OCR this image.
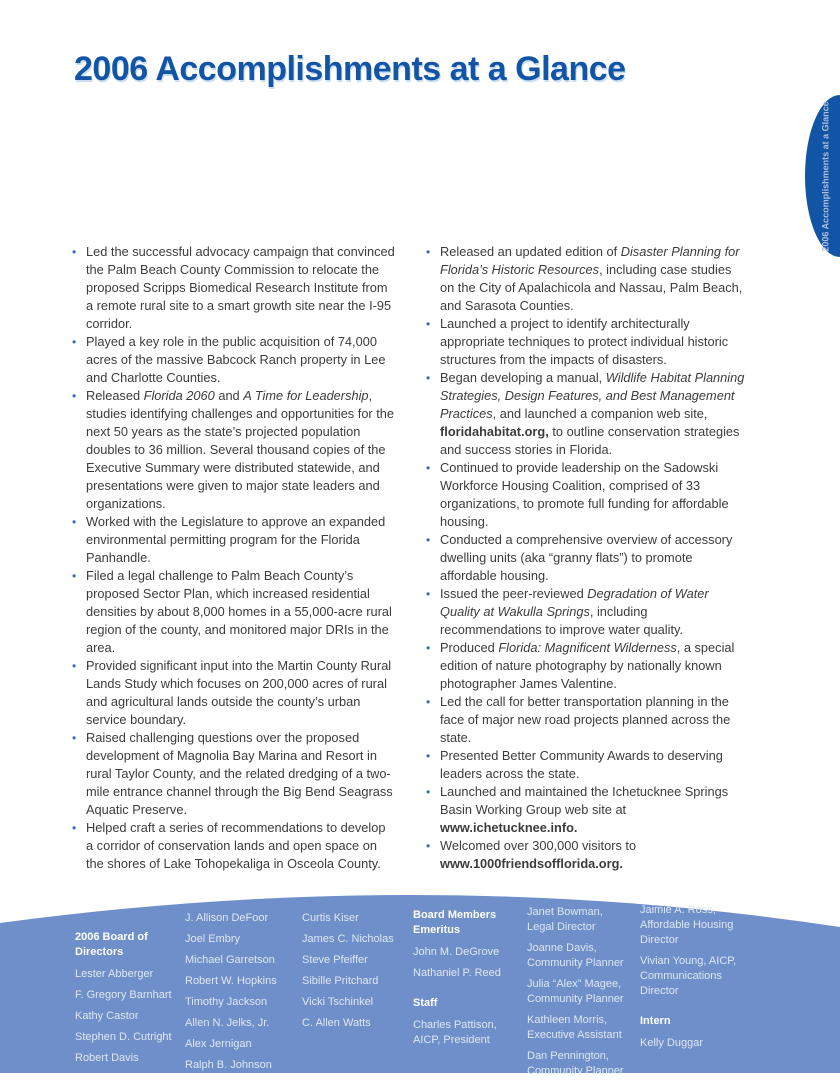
2006 Accomplishments at a Glance
2006 Accomplishments at a Glance
• Led the successful advocacy campaign that convinced the Palm Beach County Commission to relocate the proposed Scripps Biomedical Research Institute from a remote rural site to a smart growth site near the I-95 corridor.
• Played a key role in the public acquisition of 74,000 acres of the massive Babcock Ranch property in Lee and Charlotte Counties.
• Released Florida 2060 and A Time for Leadership, studies identifying challenges and opportunities for the next 50 years as the state’s projected population doubles to 36 million. Several thousand copies of the Executive Summary were distributed statewide, and presentations were given to major state leaders and organizations.
• Worked with the Legislature to approve an expanded environmental permitting program for the Florida Panhandle.
• Filed a legal challenge to Palm Beach County’s proposed Sector Plan, which increased residential densities by about 8,000 homes in a 55,000-acre rural region of the county, and monitored major DRIs in the area.
• Provided significant input into the Martin County Rural Lands Study which focuses on 200,000 acres of rural and agricultural lands outside the county’s urban service boundary.
• Raised challenging questions over the proposed development of Magnolia Bay Marina and Resort in rural Taylor County, and the related dredging of a two-mile entrance channel through the Big Bend Seagrass Aquatic Preserve.
• Helped craft a series of recommendations to develop a corridor of conservation lands and open space on the shores of Lake Tohopekaliga in Osceola County.
• Released an updated edition of Disaster Planning for Florida’s Historic Resources, including case studies on the City of Apalachicola and Nassau, Palm Beach, and Sarasota Counties.
• Launched a project to identify architecturally appropriate techniques to protect individual historic structures from the impacts of disasters.
• Began developing a manual, Wildlife Habitat Planning Strategies, Design Features, and Best Management Practices, and launched a companion web site, floridahabitat.org, to outline conservation strategies and success stories in Florida.
• Continued to provide leadership on the Sadowski Workforce Housing Coalition, comprised of 33 organizations, to promote full funding for affordable housing.
• Conducted a comprehensive overview of accessory dwelling units (aka “granny flats”) to promote affordable housing.
• Issued the peer-reviewed Degradation of Water Quality at Wakulla Springs, including recommendations to improve water quality.
• Produced Florida: Magnificent Wilderness, a special edition of nature photography by nationally known photographer James Valentine.
• Led the call for better transportation planning in the face of major new road projects planned across the state.
• Presented Better Community Awards to deserving leaders across the state.
• Launched and maintained the Ichetucknee Springs Basin Working Group web site at www.ichetucknee.info.
• Welcomed over 300,000 visitors to www.1000friendsofflorida.org.
2006 Board of Directors
Lester Abberger
F. Gregory Barnhart
Kathy Castor
Stephen D. Cutright
Robert Davis
J. Allison DeFoor
Joel Embry
Michael Garretson
Robert W. Hopkins
Timothy Jackson
Allen N. Jelks, Jr.
Alex Jernigan
Ralph B. Johnson
Curtis Kiser
James C. Nicholas
Steve Pfeiffer
Sibille Pritchard
Vicki Tschinkel
C. Allen Watts
Board Members Emeritus
John M. DeGrove
Nathaniel P. Reed
Staff
Charles Pattison, AICP, President
Janet Bowman, Legal Director
Joanne Davis, Community Planner
Julia “Alex” Magee, Community Planner
Kathleen Morris, Executive Assistant
Dan Pennington, Community Planner
Jaimie A. Ross, Affordable Housing Director
Vivian Young, AICP, Communications Director
Intern
Kelly Duggar
